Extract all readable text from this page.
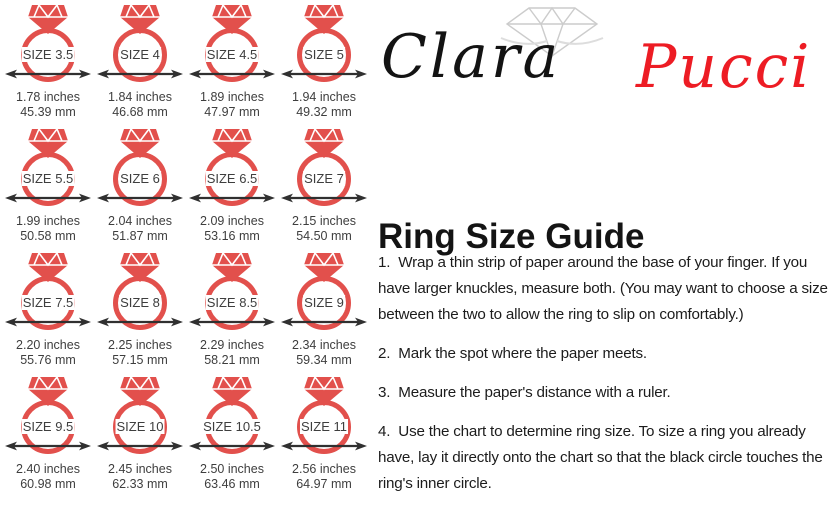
SIZE 3.5
1.78 inches
45.39 mm
SIZE 4
1.84 inches
46.68 mm
SIZE 4.5
1.89 inches
47.97 mm
SIZE 5
1.94 inches
49.32 mm
SIZE 5.5
1.99 inches
50.58 mm
SIZE 6
2.04 inches
51.87 mm
SIZE 6.5
2.09 inches
53.16 mm
SIZE 7
2.15 inches
54.50 mm
SIZE 7.5
2.20 inches
55.76 mm
SIZE 8
2.25 inches
57.15 mm
SIZE 8.5
2.29 inches
58.21 mm
SIZE 9
2.34 inches
59.34 mm
SIZE 9.5
2.40 inches
60.98 mm
SIZE 10
2.45 inches
62.33 mm
SIZE 10.5
2.50 inches
63.46 mm
SIZE 11
2.56 inches
64.97 mm
Clara Pucci
Ring Size Guide

1.  Wrap a thin strip of paper around the base of your finger. If you have larger knuckles, measure both. (You may want to choose a size between the two to allow the ring to slip on comfortably.)

2.  Mark the spot where the paper meets.

3.  Measure the paper's distance with a ruler.

4.  Use the chart to determine ring size. To size a ring you already have, lay it directly onto the chart so that the black circle touches the ring's inner circle.
